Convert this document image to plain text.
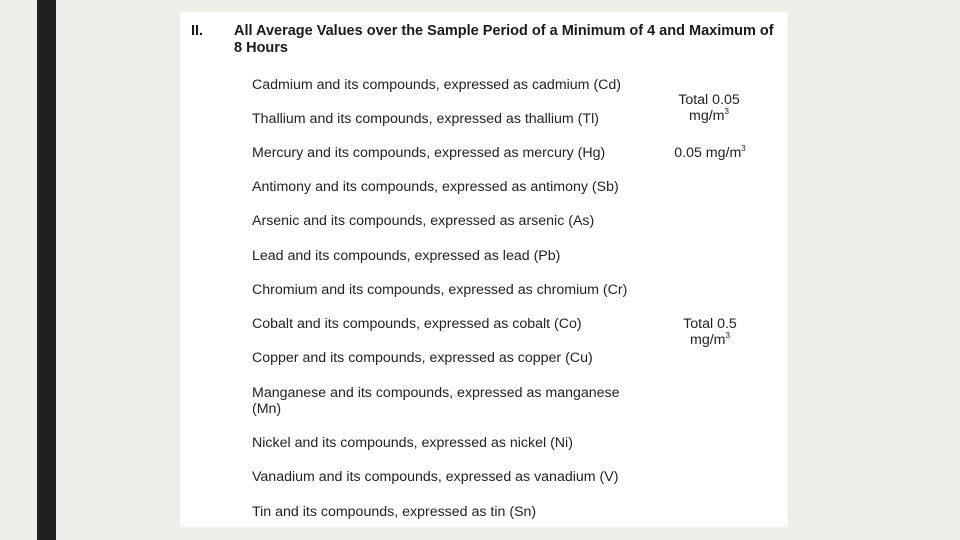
II. All Average Values over the Sample Period of a Minimum of 4 and Maximum of 8 Hours
Cadmium and its compounds, expressed as cadmium (Cd)
Thallium and its compounds, expressed as thallium (Tl)
Mercury and its compounds, expressed as mercury (Hg)
Antimony and its compounds, expressed as antimony (Sb)
Arsenic and its compounds, expressed as arsenic (As)
Lead and its compounds, expressed as lead (Pb)
Chromium and its compounds, expressed as chromium (Cr)
Cobalt and its compounds, expressed as cobalt (Co)
Copper and its compounds, expressed as copper (Cu)
Manganese and its compounds, expressed as manganese (Mn)
Nickel and its compounds, expressed as nickel (Ni)
Vanadium and its compounds, expressed as vanadium (V)
Tin and its compounds, expressed as tin (Sn)
Total 0.05
$mg/m^3$
0.05 $mg/m^3$
Total 0.5
$mg/m^3$
